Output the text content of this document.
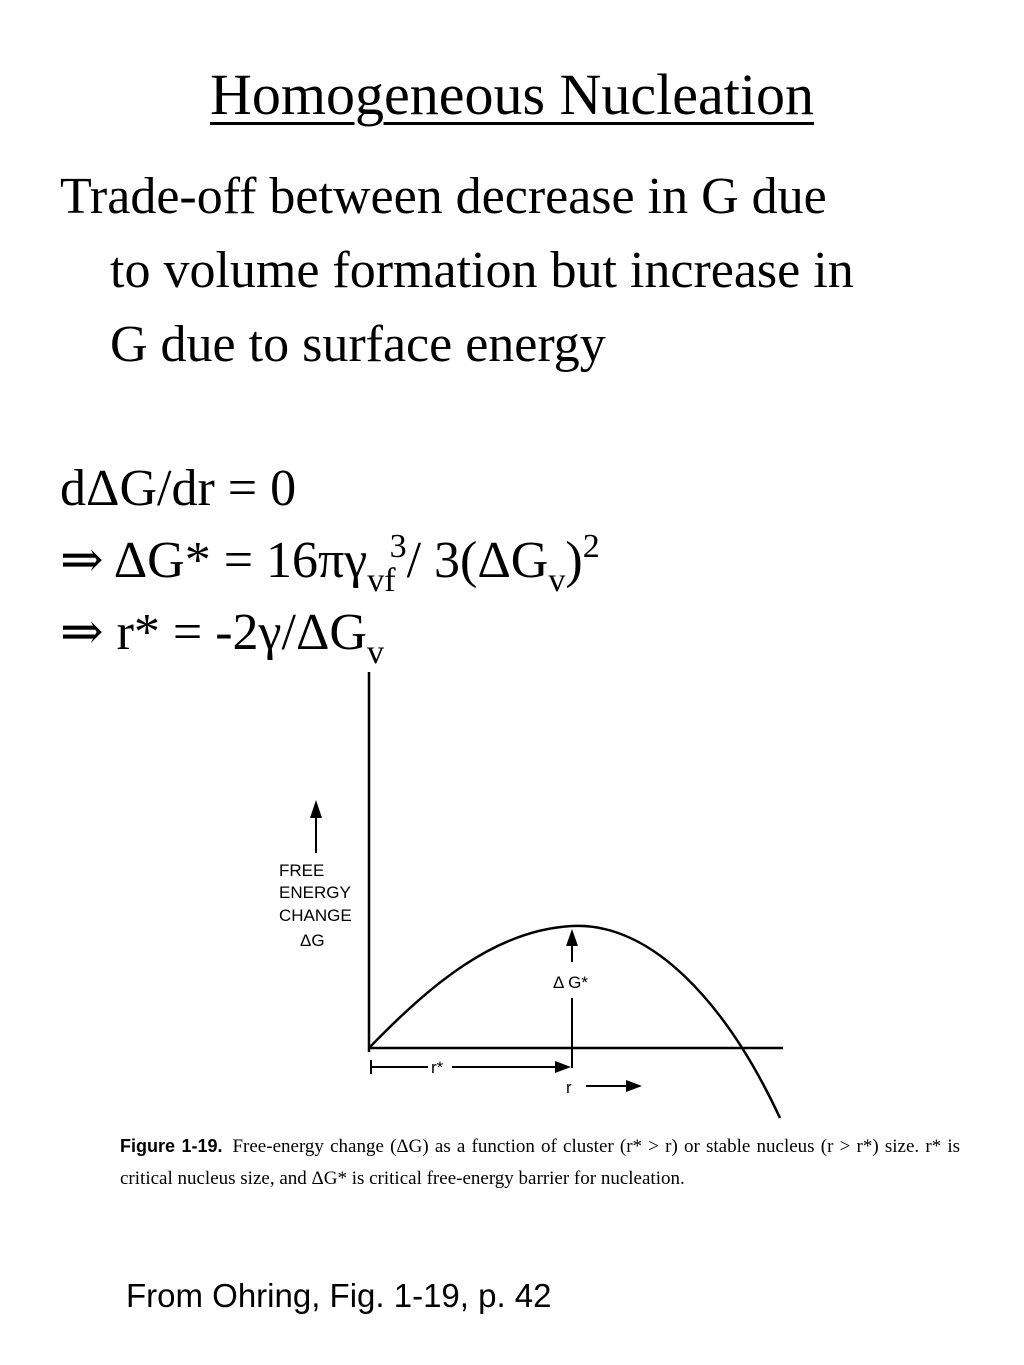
Homogeneous Nucleation
Trade-off between decrease in G due
to volume formation but increase in
G due to surface energy
dΔG/dr = 0
⇒ $\Delta G* = 16\pi\gamma_{vf}^3/$ $3(\Delta G_v)^2$
⇒ $r* = -2\gamma/\Delta G_v$
FREE
ENERGY
CHANGE
ΔG
Δ G*
r*
r
Figure 1-19. Free-energy change (ΔG) as a function of cluster (r* > r) or stable nucleus (r > r*) size. r* is critical nucleus size, and ΔG* is critical free-energy barrier for nucleation.
From Ohring, Fig. 1-19, p. 42
